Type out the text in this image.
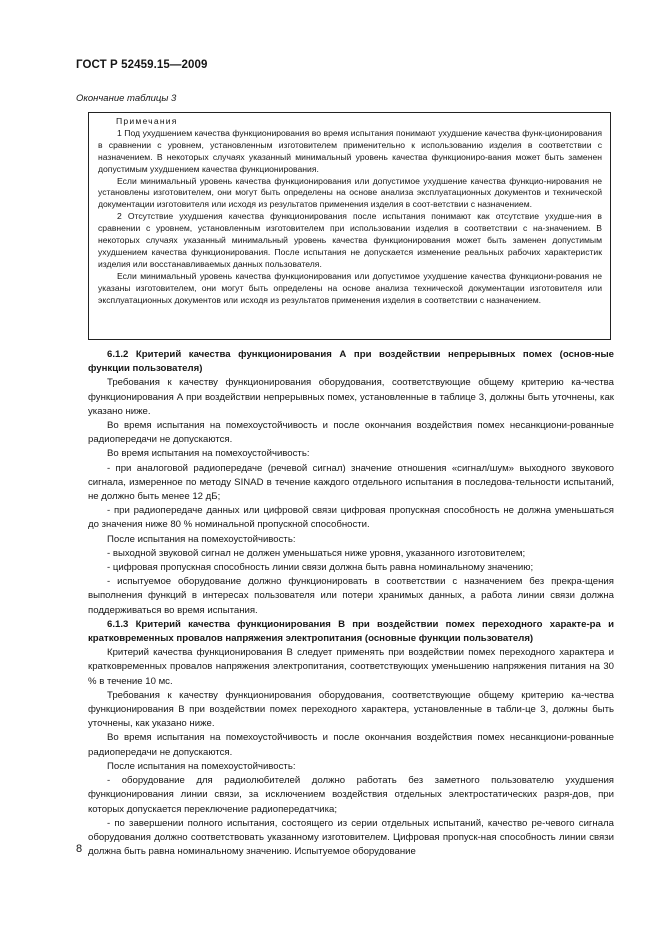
ГОСТ Р 52459.15—2009
Окончание таблицы 3
Примечания

1 Под ухудшением качества функционирования во время испытания понимают ухудшение качества функ-ционирования в сравнении с уровнем, установленным изготовителем применительно к использованию изделия в соответствии с назначением. В некоторых случаях указанный минимальный уровень качества функциониро-вания может быть заменен допустимым ухудшением качества функционирования.

Если минимальный уровень качества функционирования или допустимое ухудшение качества функцио-нирования не установлены изготовителем, они могут быть определены на основе анализа эксплуатационных документов и технической документации изготовителя или исходя из результатов применения изделия в соот-ветствии с назначением.

2 Отсутствие ухудшения качества функционирования после испытания понимают как отсутствие ухудше-ния в сравнении с уровнем, установленным изготовителем при использовании изделия в соответствии с на-значением. В некоторых случаях указанный минимальный уровень качества функционирования может быть заменен допустимым ухудшением качества функционирования. После испытания не допускается изменение реальных рабочих характеристик изделия или восстанавливаемых данных пользователя.

Если минимальный уровень качества функционирования или допустимое ухудшение качества функциони-рования не указаны изготовителем, они могут быть определены на основе анализа технической документации изготовителя или эксплуатационных документов или исходя из результатов применения изделия в соответствии с назначением.

6.1.2 Критерий качества функционирования А при воздействии непрерывных помех (основ-ные функции пользователя)

Требования к качеству функционирования оборудования, соответствующие общему критерию ка-чества функционирования А при воздействии непрерывных помех, установленные в таблице 3, должны быть уточнены, как указано ниже.

Во время испытания на помехоустойчивость и после окончания воздействия помех несанкциони-рованные радиопередачи не допускаются.

Во время испытания на помехоустойчивость:

- при аналоговой радиопередаче (речевой сигнал) значение отношения «сигнал/шум» выходного звукового сигнала, измеренное по методу SINAD в течение каждого отдельного испытания в последова-тельности испытаний, не должно быть менее 12 дБ;

- при радиопередаче данных или цифровой связи цифровая пропускная способность не должна уменьшаться до значения ниже 80 % номинальной пропускной способности.

После испытания на помехоустойчивость:

- выходной звуковой сигнал не должен уменьшаться ниже уровня, указанного изготовителем;

- цифровая пропускная способность линии связи должна быть равна номинальному значению;

- испытуемое оборудование должно функционировать в соответствии с назначением без прекра-щения выполнения функций в интересах пользователя или потери хранимых данных, а работа линии связи должна поддерживаться во время испытания.

6.1.3 Критерий качества функционирования В при воздействии помех переходного характе-ра и кратковременных провалов напряжения электропитания (основные функции пользователя)

Критерий качества функционирования В следует применять при воздействии помех переходного характера и кратковременных провалов напряжения электропитания, соответствующих уменьшению напряжения питания на 30 % в течение 10 мс.

Требования к качеству функционирования оборудования, соответствующие общему критерию ка-чества функционирования В при воздействии помех переходного характера, установленные в табли-це 3, должны быть уточнены, как указано ниже.

Во время испытания на помехоустойчивость и после окончания воздействия помех несанкциони-рованные радиопередачи не допускаются.

После испытания на помехоустойчивость:

- оборудование для радиолюбителей должно работать без заметного пользователю ухудшения функционирования линии связи, за исключением воздействия отдельных электростатических разря-дов, при которых допускается переключение радиопередатчика;

- по завершении полного испытания, состоящего из серии отдельных испытаний, качество ре-чевого сигнала оборудования должно соответствовать указанному изготовителем. Цифровая пропуск-ная способность линии связи должна быть равна номинальному значению. Испытуемое оборудование

8
